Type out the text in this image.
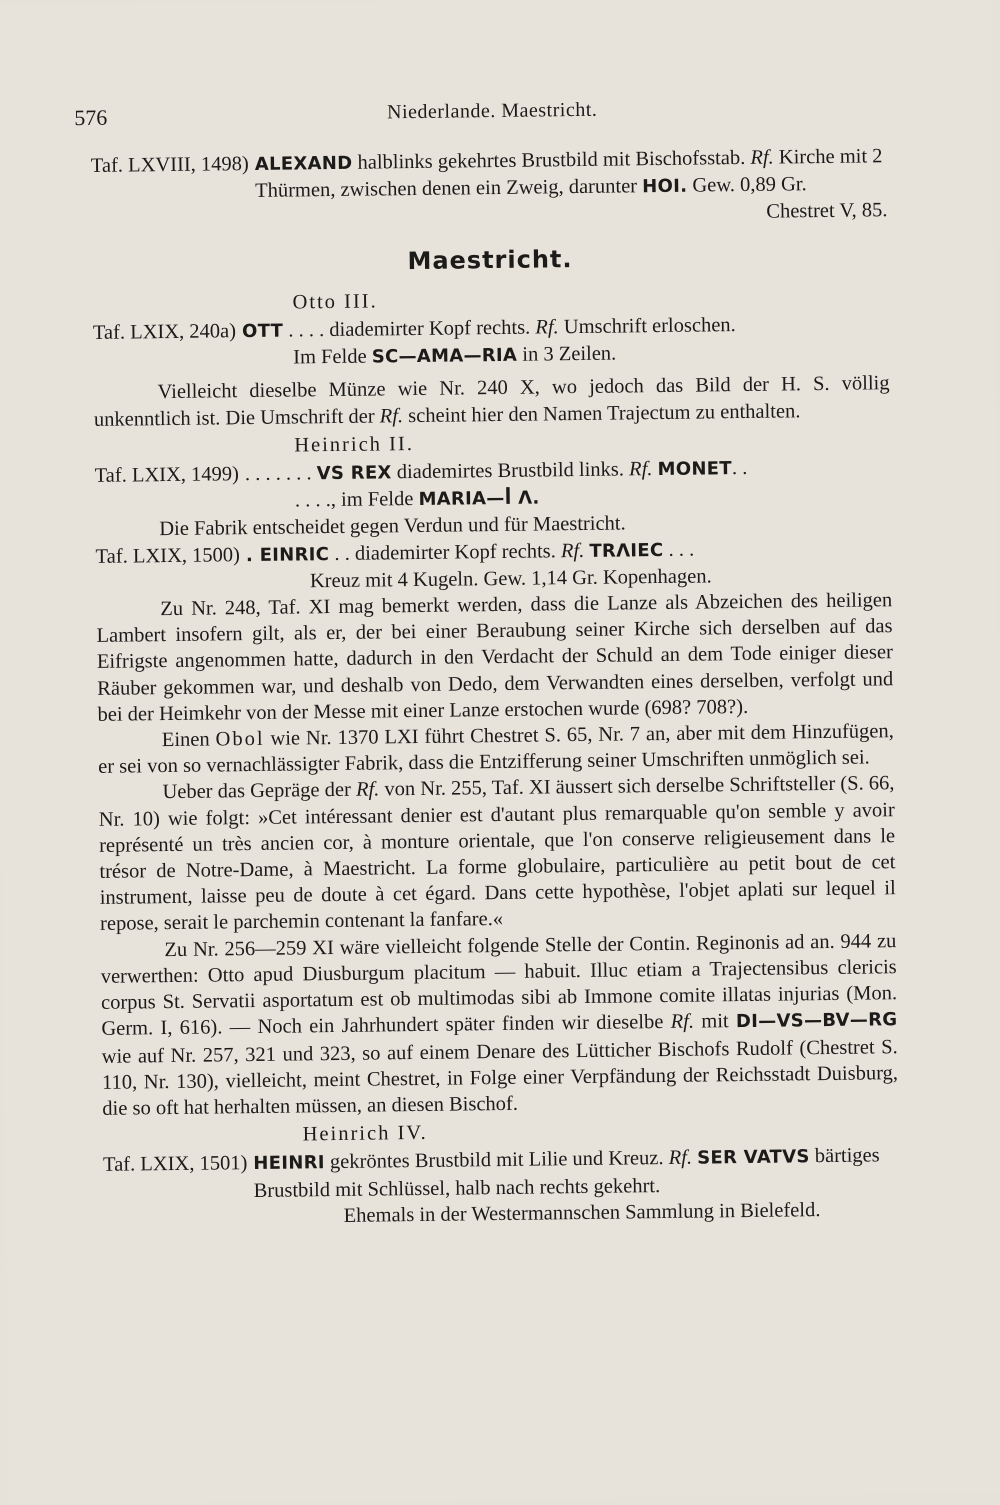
576	Niederlande. Maestricht.
Taf. LXVIII, 1498) ALEXAND halblinks gekehrtes Brustbild mit Bischofsstab. Rf. Kirche mit 2 Thürmen, zwischen denen ein Zweig, darunter HOI. Gew. 0,89 Gr.
Chestret V, 85.
Maestricht.
Otto III.
Taf. LXIX, 240a) OTT . . . . diademirter Kopf rechts. Rf. Umschrift erloschen.
Im Felde SC—AMA—RIA in 3 Zeilen.

Vielleicht dieselbe Münze wie Nr. 240 X, wo jedoch das Bild der H. S. völlig unkenntlich ist. Die Umschrift der Rf. scheint hier den Namen Trajectum zu enthalten.

Heinrich II.
Taf. LXIX, 1499) . . . . . . . VS REX diademirtes Brustbild links. Rf. MONET. .
. . . ., im Felde MARIA—ꟾ Λ.

Die Fabrik entscheidet gegen Verdun und für Maestricht.

Taf. LXIX, 1500) . EINRIC . . diademirter Kopf rechts. Rf. TRΛIEC . . .
Kreuz mit 4 Kugeln. Gew. 1,14 Gr. Kopenhagen.

Zu Nr. 248, Taf. XI mag bemerkt werden, dass die Lanze als Abzeichen des heiligen Lambert insofern gilt, als er, der bei einer Beraubung seiner Kirche sich derselben auf das Eifrigste angenommen hatte, dadurch in den Verdacht der Schuld an dem Tode einiger dieser Räuber gekommen war, und deshalb von Dedo, dem Verwandten eines derselben, verfolgt und bei der Heimkehr von der Messe mit einer Lanze erstochen wurde (698? 708?).

Einen Obol wie Nr. 1370 LXI führt Chestret S. 65, Nr. 7 an, aber mit dem Hinzufügen, er sei von so vernachlässigter Fabrik, dass die Entzifferung seiner Umschriften unmöglich sei.

Ueber das Gepräge der Rf. von Nr. 255, Taf. XI äussert sich derselbe Schriftsteller (S. 66, Nr. 10) wie folgt: »Cet intéressant denier est d'autant plus remarquable qu'on semble y avoir représenté un très ancien cor, à monture orientale, que l'on conserve religieusement dans le trésor de Notre-Dame, à Maestricht. La forme globulaire, particulière au petit bout de cet instrument, laisse peu de doute à cet égard. Dans cette hypothèse, l'objet aplati sur lequel il repose, serait le parchemin contenant la fanfare.«

Zu Nr. 256—259 XI wäre vielleicht folgende Stelle der Contin. Reginonis ad an. 944 zu verwerthen: Otto apud Diusburgum placitum — habuit. Illuc etiam a Trajectensibus clericis corpus St. Servatii asportatum est ob multimodas sibi ab Immone comite illatas injurias (Mon. Germ. I, 616). — Noch ein Jahrhundert später finden wir dieselbe Rf. mit DI—VS—BV—RG wie auf Nr. 257, 321 und 323, so auf einem Denare des Lütticher Bischofs Rudolf (Chestret S. 110, Nr. 130), vielleicht, meint Chestret, in Folge einer Verpfändung der Reichsstadt Duisburg, die so oft hat herhalten müssen, an diesen Bischof.

Heinrich IV.
Taf. LXIX, 1501) HEINRI gekröntes Brustbild mit Lilie und Kreuz. Rf. SER VATVS bärtiges Brustbild mit Schlüssel, halb nach rechts gekehrt.

Ehemals in der Westermannschen Sammlung in Bielefeld.
